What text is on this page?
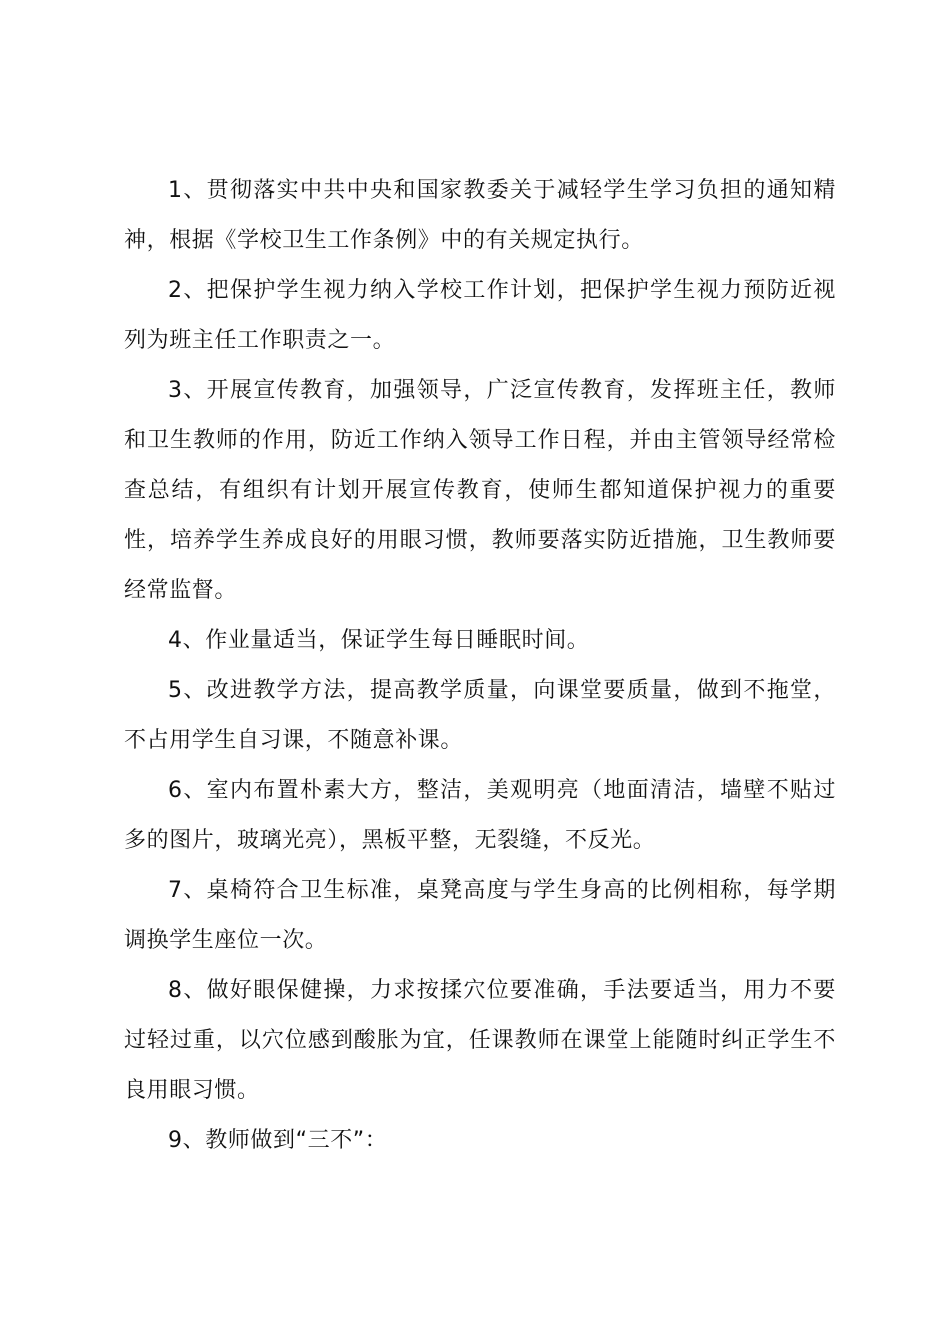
1、贯彻落实中共中央和国家教委关于减轻学生学习负担的通知精神，根据《学校卫生工作条例》中的有关规定执行。

2、把保护学生视力纳入学校工作计划，把保护学生视力预防近视列为班主任工作职责之一。

3、开展宣传教育，加强领导，广泛宣传教育，发挥班主任，教师和卫生教师的作用，防近工作纳入领导工作日程，并由主管领导经常检查总结，有组织有计划开展宣传教育，使师生都知道保护视力的重要性，培养学生养成良好的用眼习惯，教师要落实防近措施，卫生教师要经常监督。

4、作业量适当，保证学生每日睡眠时间。

5、改进教学方法，提高教学质量，向课堂要质量，做到不拖堂，不占用学生自习课，不随意补课。

6、室内布置朴素大方，整洁，美观明亮（地面清洁，墙壁不贴过多的图片，玻璃光亮），黑板平整，无裂缝，不反光。

7、桌椅符合卫生标准，桌凳高度与学生身高的比例相称，每学期调换学生座位一次。

8、做好眼保健操，力求按揉穴位要准确，手法要适当，用力不要过轻过重，以穴位感到酸胀为宜，任课教师在课堂上能随时纠正学生不良用眼习惯。

9、教师做到“三不”：
